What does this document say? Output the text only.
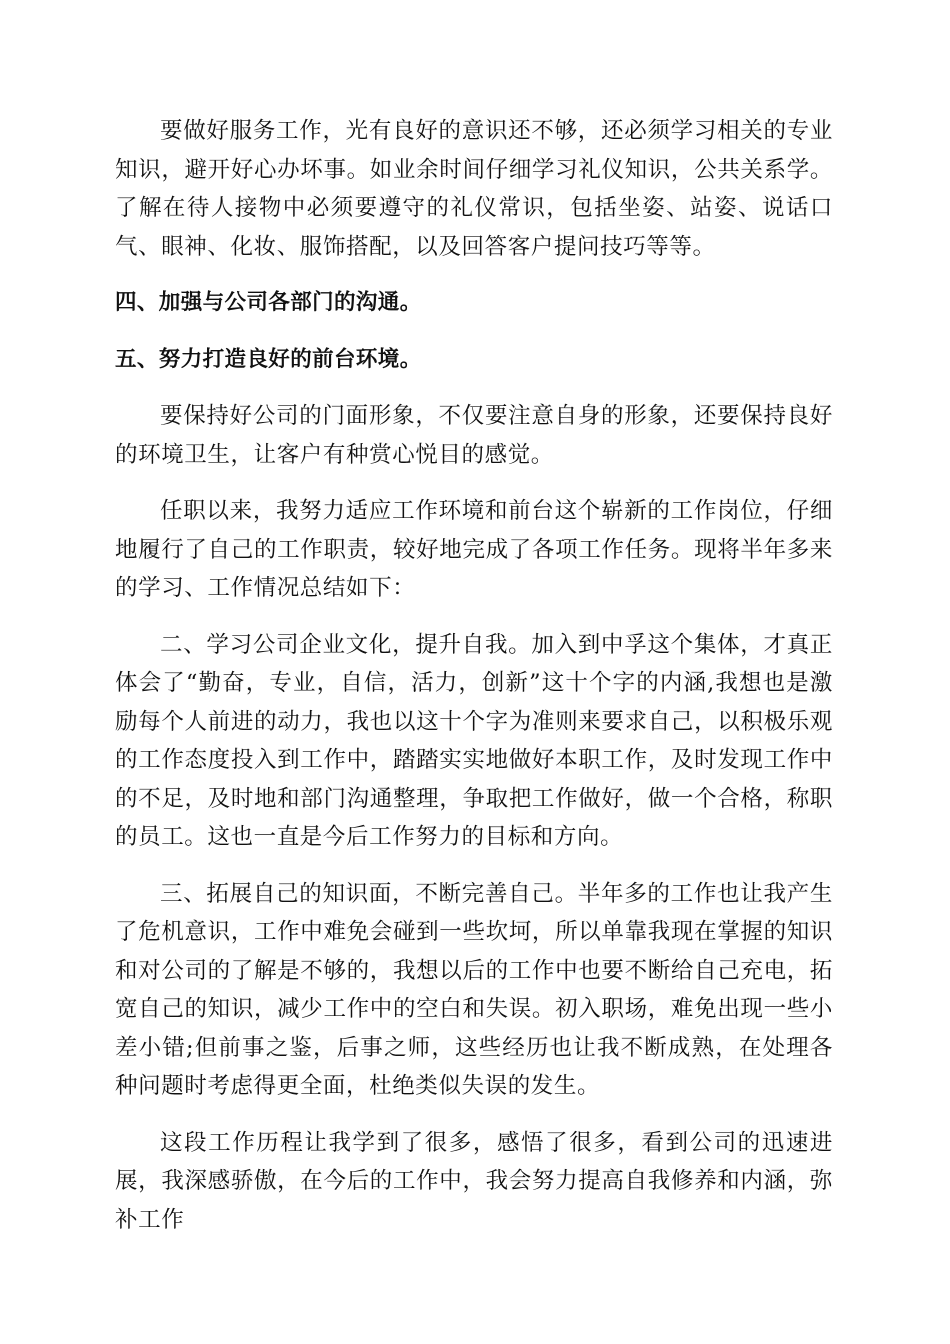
要做好服务工作，光有良好的意识还不够，还必须学习相关的专业知识，避开好心办坏事。如业余时间仔细学习礼仪知识，公共关系学。了解在待人接物中必须要遵守的礼仪常识，包括坐姿、站姿、说话口气、眼神、化妆、服饰搭配，以及回答客户提问技巧等等。

四、加强与公司各部门的沟通。

五、努力打造良好的前台环境。

要保持好公司的门面形象，不仅要注意自身的形象，还要保持良好的环境卫生，让客户有种赏心悦目的感觉。

任职以来，我努力适应工作环境和前台这个崭新的工作岗位，仔细地履行了自己的工作职责，较好地完成了各项工作任务。现将半年多来的学习、工作情况总结如下：

二、学习公司企业文化，提升自我。加入到中孚这个集体，才真正体会了“勤奋，专业，自信，活力，创新”这十个字的内涵,我想也是激励每个人前进的动力，我也以这十个字为准则来要求自己，以积极乐观的工作态度投入到工作中，踏踏实实地做好本职工作，及时发现工作中的不足，及时地和部门沟通整理，争取把工作做好，做一个合格，称职的员工。这也一直是今后工作努力的目标和方向。

三、拓展自己的知识面，不断完善自己。半年多的工作也让我产生了危机意识，工作中难免会碰到一些坎坷，所以单靠我现在掌握的知识和对公司的了解是不够的，我想以后的工作中也要不断给自己充电，拓宽自己的知识，减少工作中的空白和失误。初入职场，难免出现一些小差小错;但前事之鉴，后事之师，这些经历也让我不断成熟，在处理各种问题时考虑得更全面，杜绝类似失误的发生。

这段工作历程让我学到了很多，感悟了很多，看到公司的迅速进展，我深感骄傲，在今后的工作中，我会努力提高自我修养和内涵，弥补工作
